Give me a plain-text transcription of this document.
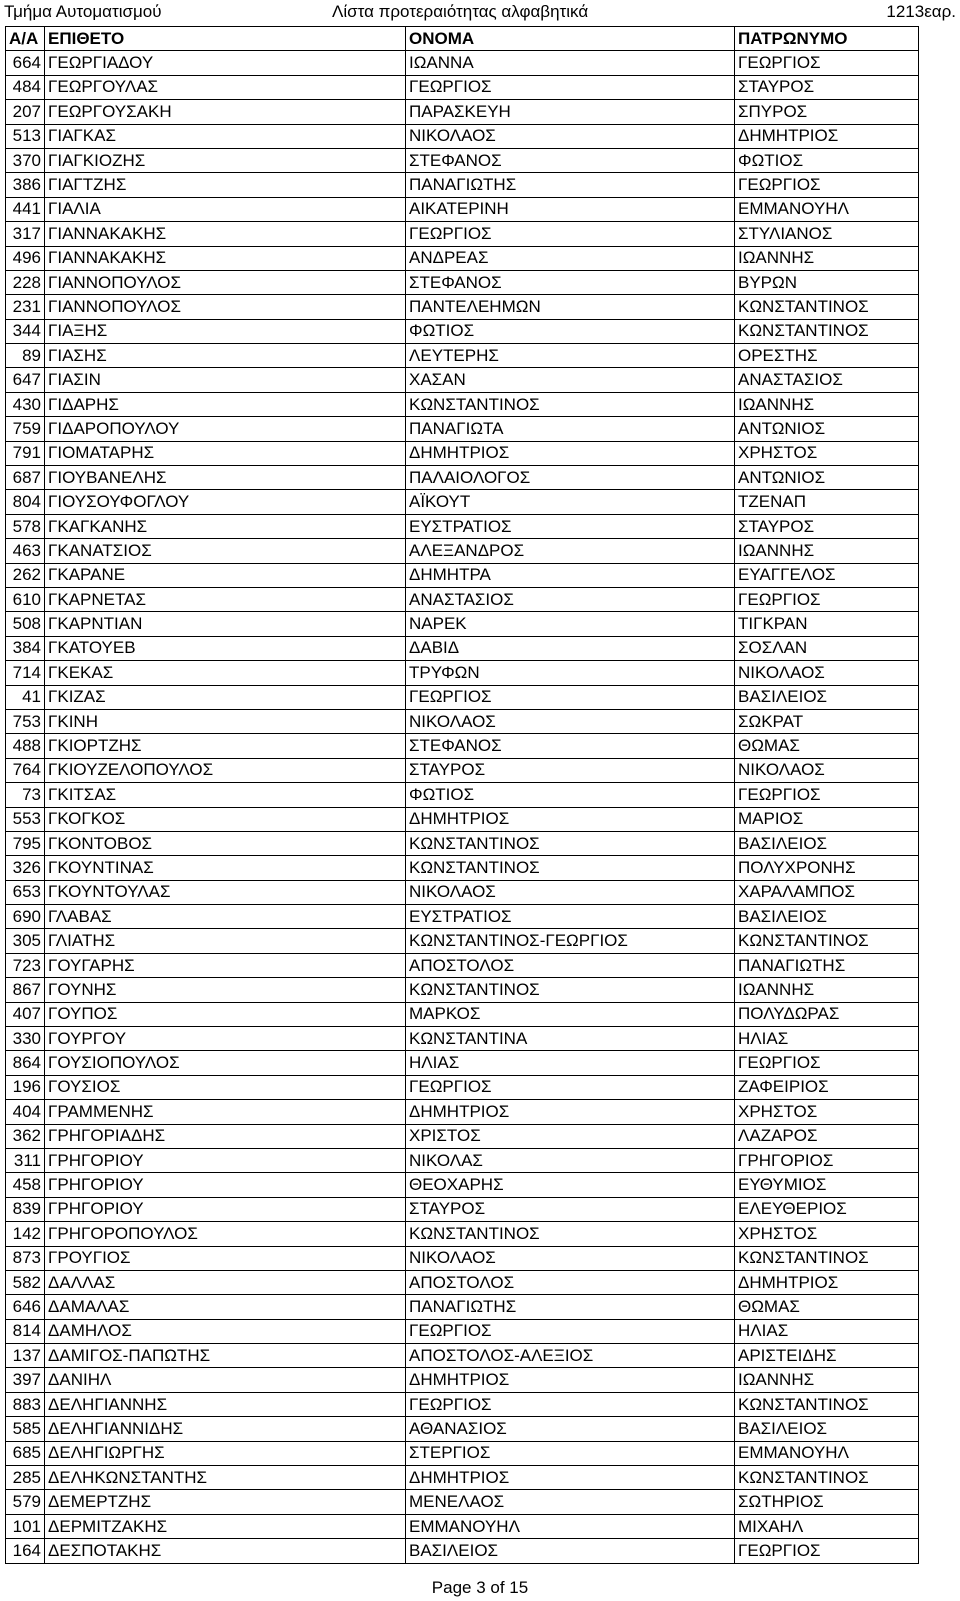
Τμήμα Αυτοματισμού	Λίστα προτεραιότητας αλφαβητικά	1213εαρ.
Α/Α	ΕΠΙΘΕΤΟ	ΟΝΟΜΑ	ΠΑΤΡΩΝΥΜΟ
664	ΓΕΩΡΓΙΑΔΟΥ	ΙΩΑΝΝΑ	ΓΕΩΡΓΙΟΣ
484	ΓΕΩΡΓΟΥΛΑΣ	ΓΕΩΡΓΙΟΣ	ΣΤΑΥΡΟΣ
207	ΓΕΩΡΓΟΥΣΑΚΗ	ΠΑΡΑΣΚΕΥΗ	ΣΠΥΡΟΣ
513	ΓΙΑΓΚΑΣ	ΝΙΚΟΛΑΟΣ	ΔΗΜΗΤΡΙΟΣ
370	ΓΙΑΓΚΙΟΖΗΣ	ΣΤΕΦΑΝΟΣ	ΦΩΤΙΟΣ
386	ΓΙΑΓΤΖΗΣ	ΠΑΝΑΓΙΩΤΗΣ	ΓΕΩΡΓΙΟΣ
441	ΓΙΑΛΙΑ	ΑΙΚΑΤΕΡΙΝΗ	ΕΜΜΑΝΟΥΗΛ
317	ΓΙΑΝΝΑΚΑΚΗΣ	ΓΕΩΡΓΙΟΣ	ΣΤΥΛΙΑΝΟΣ
496	ΓΙΑΝΝΑΚΑΚΗΣ	ΑΝΔΡΕΑΣ	ΙΩΑΝΝΗΣ
228	ΓΙΑΝΝΟΠΟΥΛΟΣ	ΣΤΕΦΑΝΟΣ	ΒΥΡΩΝ
231	ΓΙΑΝΝΟΠΟΥΛΟΣ	ΠΑΝΤΕΛΕΗΜΩΝ	ΚΩΝΣΤΑΝΤΙΝΟΣ
344	ΓΙΑΞΗΣ	ΦΩΤΙΟΣ	ΚΩΝΣΤΑΝΤΙΝΟΣ
89	ΓΙΑΣΗΣ	ΛΕΥΤΕΡΗΣ	ΟΡΕΣΤΗΣ
647	ΓΙΑΣΙΝ	ΧΑΣΑΝ	ΑΝΑΣΤΑΣΙΟΣ
430	ΓΙΔΑΡΗΣ	ΚΩΝΣΤΑΝΤΙΝΟΣ	ΙΩΑΝΝΗΣ
759	ΓΙΔΑΡΟΠΟΥΛΟΥ	ΠΑΝΑΓΙΩΤΑ	ΑΝΤΩΝΙΟΣ
791	ΓΙΟΜΑΤΑΡΗΣ	ΔΗΜΗΤΡΙΟΣ	ΧΡΗΣΤΟΣ
687	ΓΙΟΥΒΑΝΕΛΗΣ	ΠΑΛΑΙΟΛΟΓΟΣ	ΑΝΤΩΝΙΟΣ
804	ΓΙΟΥΣΟΥΦΟΓΛΟΥ	ΑΪΚΟΥΤ	ΤΖΕΝΑΠ
578	ΓΚΑΓΚΑΝΗΣ	ΕΥΣΤΡΑΤΙΟΣ	ΣΤΑΥΡΟΣ
463	ΓΚΑΝΑΤΣΙΟΣ	ΑΛΕΞΑΝΔΡΟΣ	ΙΩΑΝΝΗΣ
262	ΓΚΑΡΑΝΕ	ΔΗΜΗΤΡΑ	ΕΥΑΓΓΕΛΟΣ
610	ΓΚΑΡΝΕΤΑΣ	ΑΝΑΣΤΑΣΙΟΣ	ΓΕΩΡΓΙΟΣ
508	ΓΚΑΡΝΤΙΑΝ	ΝΑΡΕΚ	ΤΙΓΚΡΑΝ
384	ΓΚΑΤΟΥΕΒ	ΔΑΒΙΔ	ΣΟΣΛΑΝ
714	ΓΚΕΚΑΣ	ΤΡΥΦΩΝ	ΝΙΚΟΛΑΟΣ
41	ΓΚΙΖΑΣ	ΓΕΩΡΓΙΟΣ	ΒΑΣΙΛΕΙΟΣ
753	ΓΚΙΝΗ	ΝΙΚΟΛΑΟΣ	ΣΩΚΡΑΤ
488	ΓΚΙΟΡΤΖΗΣ	ΣΤΕΦΑΝΟΣ	ΘΩΜΑΣ
764	ΓΚΙΟΥΖΕΛΟΠΟΥΛΟΣ	ΣΤΑΥΡΟΣ	ΝΙΚΟΛΑΟΣ
73	ΓΚΙΤΣΑΣ	ΦΩΤΙΟΣ	ΓΕΩΡΓΙΟΣ
553	ΓΚΟΓΚΟΣ	ΔΗΜΗΤΡΙΟΣ	ΜΑΡΙΟΣ
795	ΓΚΟΝΤΟΒΟΣ	ΚΩΝΣΤΑΝΤΙΝΟΣ	ΒΑΣΙΛΕΙΟΣ
326	ΓΚΟΥΝΤΙΝΑΣ	ΚΩΝΣΤΑΝΤΙΝΟΣ	ΠΟΛΥΧΡΟΝΗΣ
653	ΓΚΟΥΝΤΟΥΛΑΣ	ΝΙΚΟΛΑΟΣ	ΧΑΡΑΛΑΜΠΟΣ
690	ΓΛΑΒΑΣ	ΕΥΣΤΡΑΤΙΟΣ	ΒΑΣΙΛΕΙΟΣ
305	ΓΛΙΑΤΗΣ	ΚΩΝΣΤΑΝΤΙΝΟΣ-ΓΕΩΡΓΙΟΣ	ΚΩΝΣΤΑΝΤΙΝΟΣ
723	ΓΟΥΓΑΡΗΣ	ΑΠΟΣΤΟΛΟΣ	ΠΑΝΑΓΙΩΤΗΣ
867	ΓΟΥΝΗΣ	ΚΩΝΣΤΑΝΤΙΝΟΣ	ΙΩΑΝΝΗΣ
407	ΓΟΥΠΟΣ	ΜΑΡΚΟΣ	ΠΟΛΥΔΩΡΑΣ
330	ΓΟΥΡΓΟΥ	ΚΩΝΣΤΑΝΤΙΝΑ	ΗΛΙΑΣ
864	ΓΟΥΣΙΟΠΟΥΛΟΣ	ΗΛΙΑΣ	ΓΕΩΡΓΙΟΣ
196	ΓΟΥΣΙΟΣ	ΓΕΩΡΓΙΟΣ	ΖΑΦΕΙΡΙΟΣ
404	ΓΡΑΜΜΕΝΗΣ	ΔΗΜΗΤΡΙΟΣ	ΧΡΗΣΤΟΣ
362	ΓΡΗΓΟΡΙΑΔΗΣ	ΧΡΙΣΤΟΣ	ΛΑΖΑΡΟΣ
311	ΓΡΗΓΟΡΙΟΥ	ΝΙΚΟΛΑΣ	ΓΡΗΓΟΡΙΟΣ
458	ΓΡΗΓΟΡΙΟΥ	ΘΕΟΧΑΡΗΣ	ΕΥΘΥΜΙΟΣ
839	ΓΡΗΓΟΡΙΟΥ	ΣΤΑΥΡΟΣ	ΕΛΕΥΘΕΡΙΟΣ
142	ΓΡΗΓΟΡΟΠΟΥΛΟΣ	ΚΩΝΣΤΑΝΤΙΝΟΣ	ΧΡΗΣΤΟΣ
873	ΓΡΟΥΓΙΟΣ	ΝΙΚΟΛΑΟΣ	ΚΩΝΣΤΑΝΤΙΝΟΣ
582	ΔΑΛΛΑΣ	ΑΠΟΣΤΟΛΟΣ	ΔΗΜΗΤΡΙΟΣ
646	ΔΑΜΑΛΑΣ	ΠΑΝΑΓΙΩΤΗΣ	ΘΩΜΑΣ
814	ΔΑΜΗΛΟΣ	ΓΕΩΡΓΙΟΣ	ΗΛΙΑΣ
137	ΔΑΜΙΓΟΣ-ΠΑΠΩΤΗΣ	ΑΠΟΣΤΟΛΟΣ-ΑΛΕΞΙΟΣ	ΑΡΙΣΤΕΙΔΗΣ
397	ΔΑΝΙΗΛ	ΔΗΜΗΤΡΙΟΣ	ΙΩΑΝΝΗΣ
883	ΔΕΛΗΓΙΑΝΝΗΣ	ΓΕΩΡΓΙΟΣ	ΚΩΝΣΤΑΝΤΙΝΟΣ
585	ΔΕΛΗΓΙΑΝΝΙΔΗΣ	ΑΘΑΝΑΣΙΟΣ	ΒΑΣΙΛΕΙΟΣ
685	ΔΕΛΗΓΙΩΡΓΗΣ	ΣΤΕΡΓΙΟΣ	ΕΜΜΑΝΟΥΗΛ
285	ΔΕΛΗΚΩΝΣΤΑΝΤΗΣ	ΔΗΜΗΤΡΙΟΣ	ΚΩΝΣΤΑΝΤΙΝΟΣ
579	ΔΕΜΕΡΤΖΗΣ	ΜΕΝΕΛΑΟΣ	ΣΩΤΗΡΙΟΣ
101	ΔΕΡΜΙΤΖΑΚΗΣ	ΕΜΜΑΝΟΥΗΛ	ΜΙΧΑΗΛ
164	ΔΕΣΠΟΤΑΚΗΣ	ΒΑΣΙΛΕΙΟΣ	ΓΕΩΡΓΙΟΣ
Page 3 of 15
